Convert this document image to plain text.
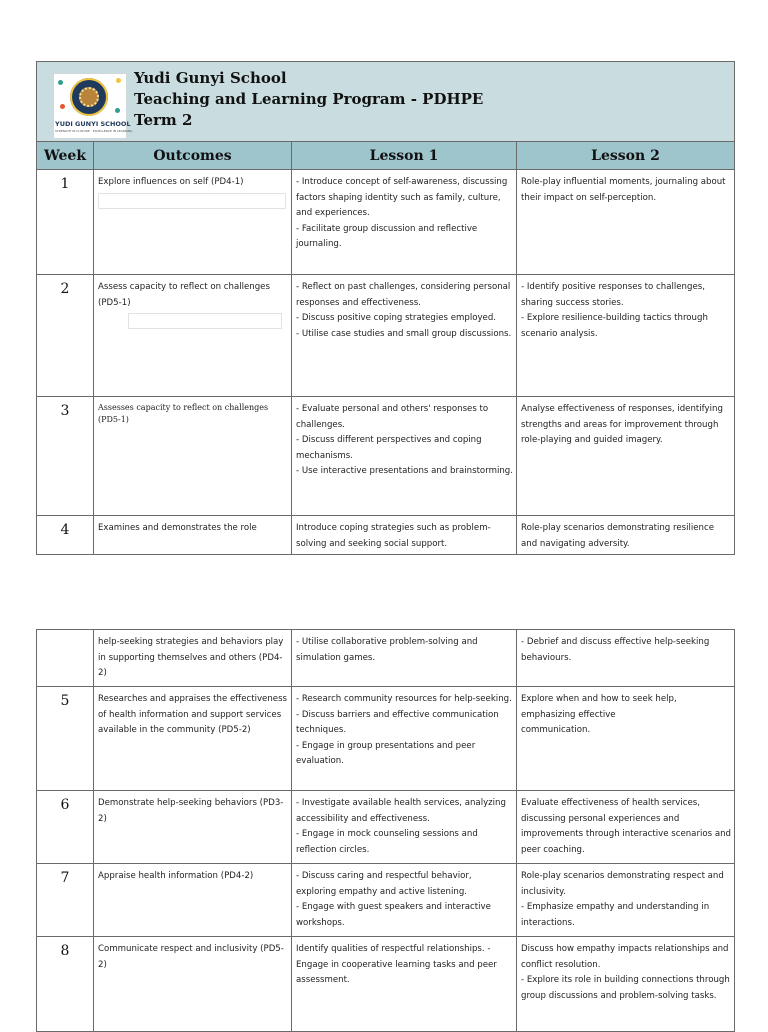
YUDI GUNYI SCHOOL
STRENGTH IN CULTURE · EXCELLENCE IN LEARNING
Yudi Gunyi School
Teaching and Learning Program - PDHPE
Term 2			

Week	Outcomes	Lesson 1	Lesson 2
1	Explore influences on self (PD4-1)	- Introduce concept of self-awareness, discussing factors shaping identity such as family, culture, and experiences.
- Facilitate group discussion and reflective journaling.	Role-play influential moments, journaling about their impact on self-perception.
2	Assess capacity to reflect on challenges (PD5-1)	- Reflect on past challenges, considering personal responses and effectiveness.
- Discuss positive coping strategies employed.
- Utilise case studies and small group discussions.	- Identify positive responses to challenges, sharing success stories.
- Explore resilience-building tactics through scenario analysis.
3	Assesses capacity to reflect on challenges (PD5-1)	- Evaluate personal and others' responses to challenges.
- Discuss different perspectives and coping mechanisms.
- Use interactive presentations and brainstorming.	Analyse effectiveness of responses, identifying strengths and areas for improvement through role-playing and guided imagery.
4	Examines and demonstrates the role	Introduce coping strategies such as problem-solving and seeking social support.	Role-play scenarios demonstrating resilience and navigating adversity.
	help-seeking strategies and behaviors play in supporting themselves and others (PD4-2)	- Utilise collaborative problem-solving and simulation games.	- Debrief and discuss effective help-seeking behaviours.
5	Researches and appraises the effectiveness of health information and support services available in the community (PD5-2)	- Research community resources for help-seeking.
- Discuss barriers and effective communication techniques.
- Engage in group presentations and peer evaluation.	Explore when and how to seek help,
emphasizing effective
communication.
6	Demonstrate help-seeking behaviors (PD3-2)	- Investigate available health services, analyzing accessibility and effectiveness.
- Engage in mock counseling sessions and reflection circles.	Evaluate effectiveness of health services, discussing personal experiences and improvements through interactive scenarios and peer coaching.
7	Appraise health information (PD4-2)	- Discuss caring and respectful behavior, exploring empathy and active listening.
- Engage with guest speakers and interactive workshops.	Role-play scenarios demonstrating respect and inclusivity.
- Emphasize empathy and understanding in interactions.
8	Communicate respect and inclusivity (PD5-2)	Identify qualities of respectful relationships. - Engage in cooperative learning tasks and peer assessment.	Discuss how empathy impacts relationships and conflict resolution.
- Explore its role in building connections through group discussions and problem-solving tasks.
